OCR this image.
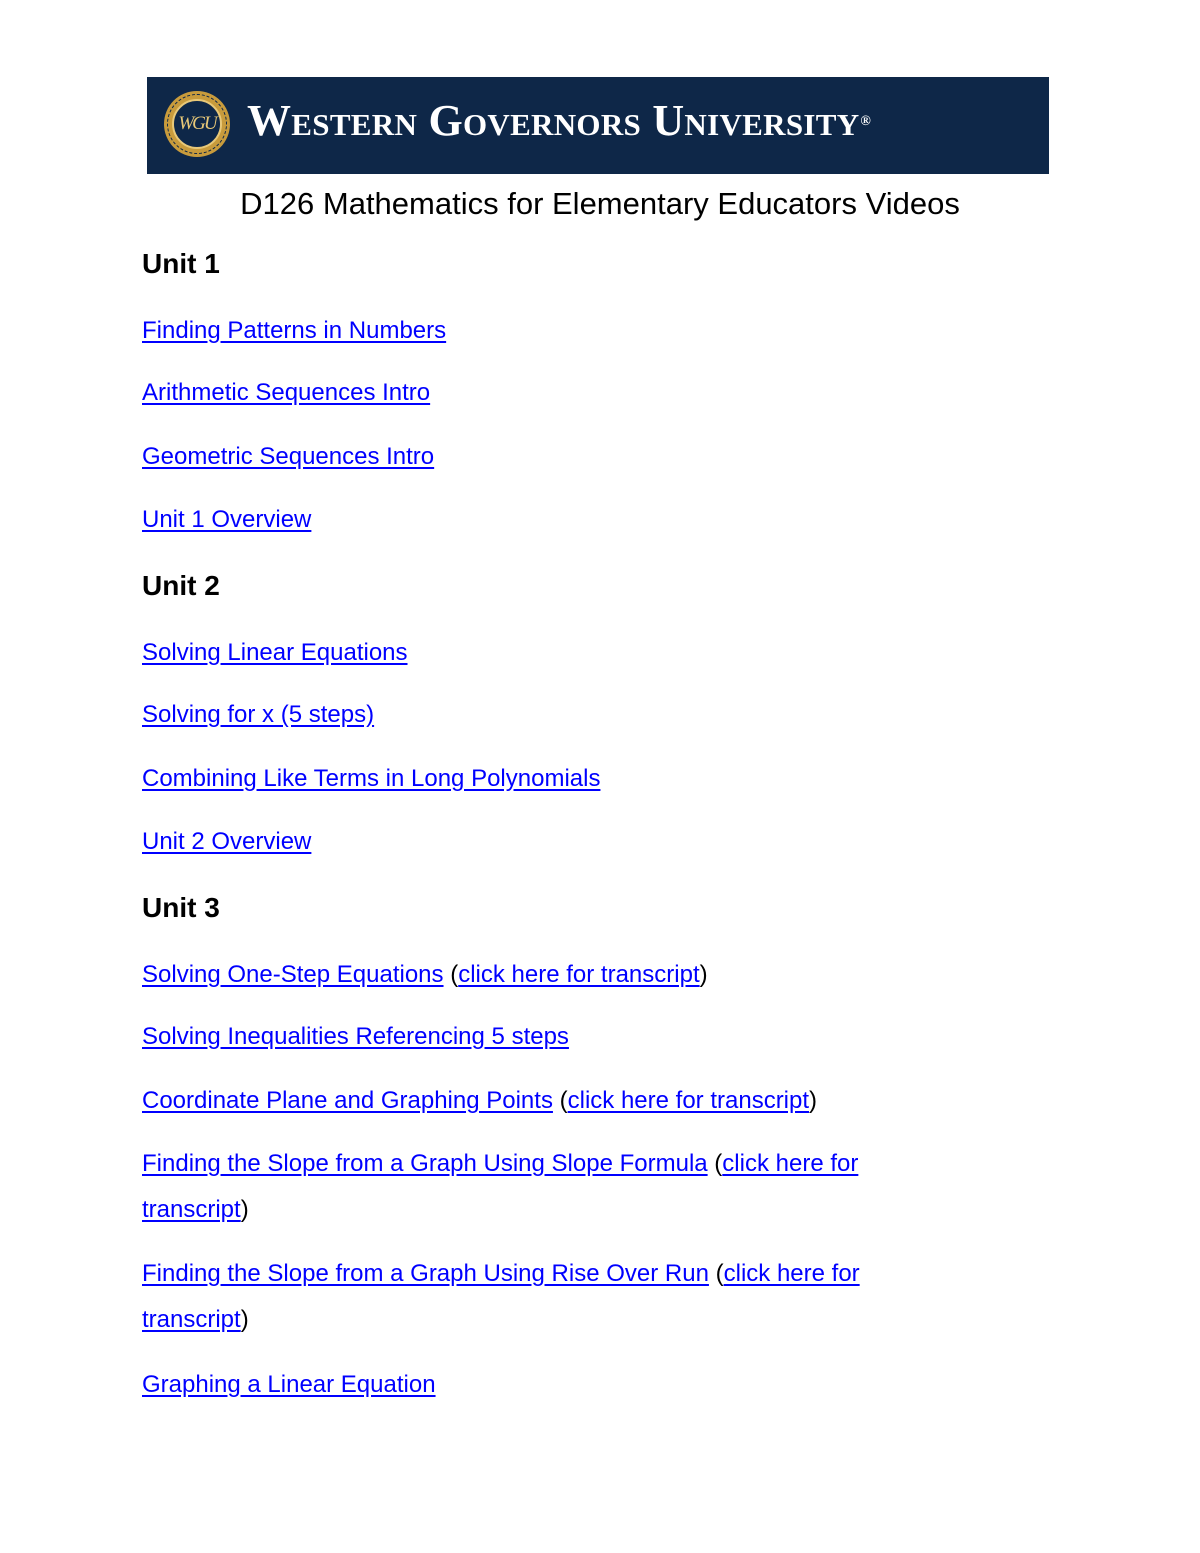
WGU Western Governors University®
D126 Mathematics for Elementary Educators Videos
Unit 1
Finding Patterns in Numbers
Arithmetic Sequences Intro
Geometric Sequences Intro
Unit 1 Overview
Unit 2
Solving Linear Equations
Solving for x (5 steps)
Combining Like Terms in Long Polynomials
Unit 2 Overview
Unit 3
Solving One-Step Equations (click here for transcript)
Solving Inequalities Referencing 5 steps
Coordinate Plane and Graphing Points (click here for transcript)
Finding the Slope from a Graph Using Slope Formula (click here for
transcript)
Finding the Slope from a Graph Using Rise Over Run (click here for
transcript)
Graphing a Linear Equation
